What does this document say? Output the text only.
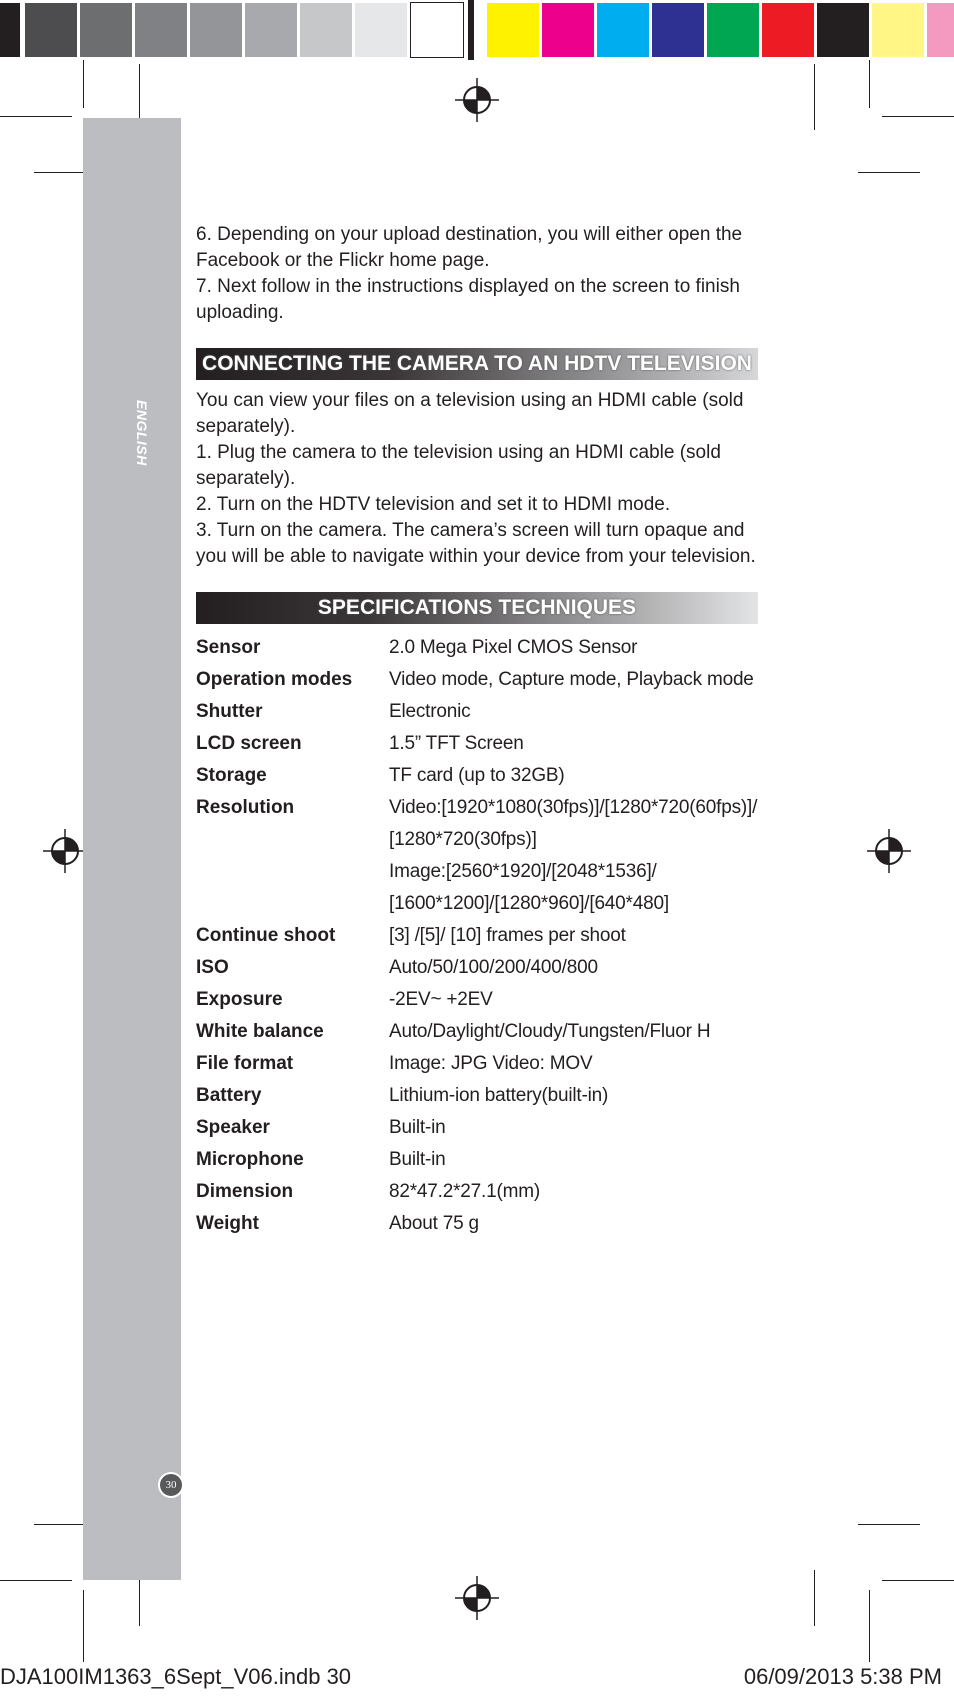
ENGLISH
30

6. Depending on your upload destination, you will either open the Facebook or the Flickr home page.

7. Next follow in the instructions displayed on the screen to finish uploading.

CONNECTING THE CAMERA TO AN HDTV TELEVISION

You can view your files on a television using an HDMI cable (sold separately).

1. Plug the camera to the television using an HDMI cable (sold separately).

2. Turn on the HDTV television and set it to HDMI mode.

3. Turn on the camera. The camera’s screen will turn opaque and you will be able to navigate within your device from your television.

SPECIFICATIONS TECHNIQUES
Sensor	2.0 Mega Pixel CMOS Sensor
Operation modes	Video mode, Capture mode, Playback mode
Shutter	Electronic
LCD screen	1.5” TFT Screen
Storage	TF card (up to 32GB)
Resolution	Video:[1920*1080(30fps)]/[1280*720(60fps)]/
[1280*720(30fps)]
Image:[2560*1920]/[2048*1536]/
[1600*1200]/[1280*960]/[640*480]
Continue shoot	[3] /[5]/ [10] frames per shoot
ISO	Auto/50/100/200/400/800
Exposure	-2EV~ +2EV
White balance	Auto/Daylight/Cloudy/Tungsten/Fluor H
File format	Image: JPG Video: MOV
Battery	Lithium-ion battery(built-in)
Speaker	Built-in
Microphone	Built-in
Dimension	82*47.2*27.1(mm)
Weight	About 75 g
DJA100IM1363_6Sept_V06.indb 30	06/09/2013 5:38 PM
